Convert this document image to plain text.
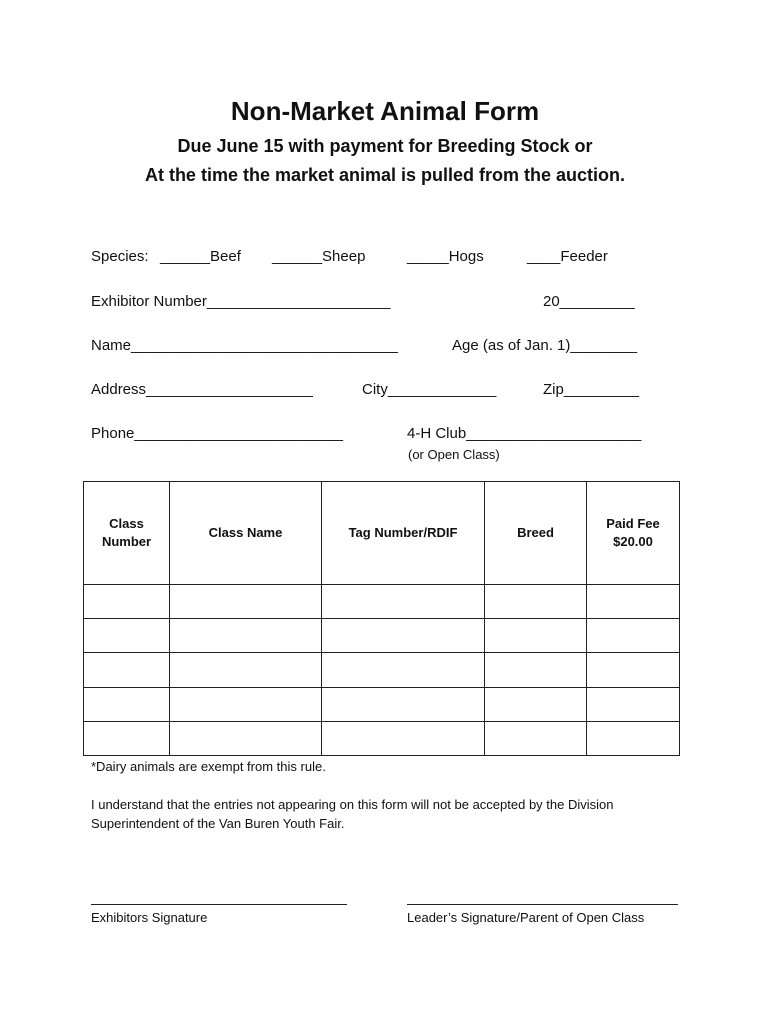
Non-Market Animal Form
Due June 15 with payment for Breeding Stock or
At the time the market animal is pulled from the auction.
Species: ______Beef ______Sheep	_____Hogs	____Feeder
Exhibitor Number______________________	20_________
Name________________________________	Age (as of Jan. 1)________
Address____________________	City_____________	Zip_________
Phone_________________________	4-H Club_____________________
(or Open Class)
Class
Number	Class Name	Tag Number/RDIF	Breed	Paid Fee
$20.00

*Dairy animals are exempt from this rule.
I understand that the entries not appearing on this form will not be accepted by the Division
Superintendent of the Van Buren Youth Fair.
Exhibitors Signature	Leader’s Signature/Parent of Open Class
